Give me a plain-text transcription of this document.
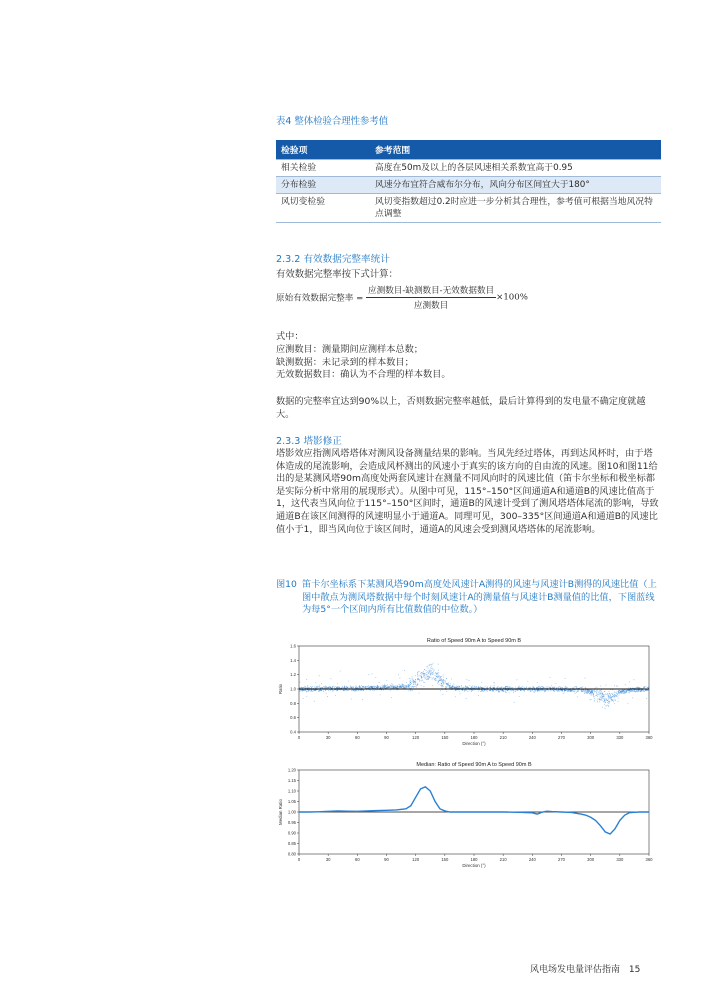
表4 整体检验合理性参考值
检验项	参考范围
相关检验	高度在50m及以上的各层风速相关系数宜高于0.95
分布检验	风速分布宜符合威布尔分布，风向分布区间宜大于180°
风切变检验	风切变指数超过0.2时应进一步分析其合理性，参考值可根据当地风况特点调整
2.3.2 有效数据完整率统计
有效数据完整率按下式计算：
原始有效数据完整率 = $\frac{\text{应测数目-缺测数目-无效数据数目}}{\text{应测数目}} \times 100\%$
式中：
应测数目：测量期间应测样本总数；
缺测数据：未记录到的样本数目；
无效数据数目：确认为不合理的样本数目。
数据的完整率宜达到90%以上，否则数据完整率越低，最后计算得到的发电量不确定度就越大。
2.3.3 塔影修正
塔影效应指测风塔塔体对测风设备测量结果的影响。当风先经过塔体，再到达风杯时，由于塔体造成的尾流影响，会造成风杯测出的风速小于真实的该方向的自由流的风速。图10和图11给出的是某测风塔90m高度处两套风速计在测量不同风向时的风速比值（笛卡尔坐标和极坐标都是实际分析中常用的展现形式）。从图中可见，115°–150°区间通道A和通道B的风速比值高于1，这代表当风向位于115°–150°区间时，通道B的风速计受到了测风塔塔体尾流的影响，导致通道B在该区间测得的风速明显小于通道A。同理可见，300–335°区间通道A和通道B的风速比值小于1，即当风向位于该区间时，通道A的风速会受到测风塔塔体的尾流影响。
图10 笛卡尔坐标系下某测风塔90m高度处风速计A测得的风速与风速计B测得的风速比值（上图中散点为测风塔数据中每个时刻风速计A的测量值与风速计B测量值的比值，下图蓝线为每5°一个区间内所有比值数值的中位数。）
Ratio of Speed 90m A to Speed 90m B
0	30	60	90	120	150	180	210	240	270	300	330	360
0.4
0.6
0.8
1.0
1.2
1.4
1.6
Direction (°)
Ratio
Median: Ratio of Speed 90m A to Speed 90m B
0	30	60	90	120	150	180	210	240	270	300	330	360
0.80
0.85
0.90
0.95
1.00
1.05
1.10
1.15
1.20
Direction (°)
Median Ratio
风电场发电量评估指南 15
